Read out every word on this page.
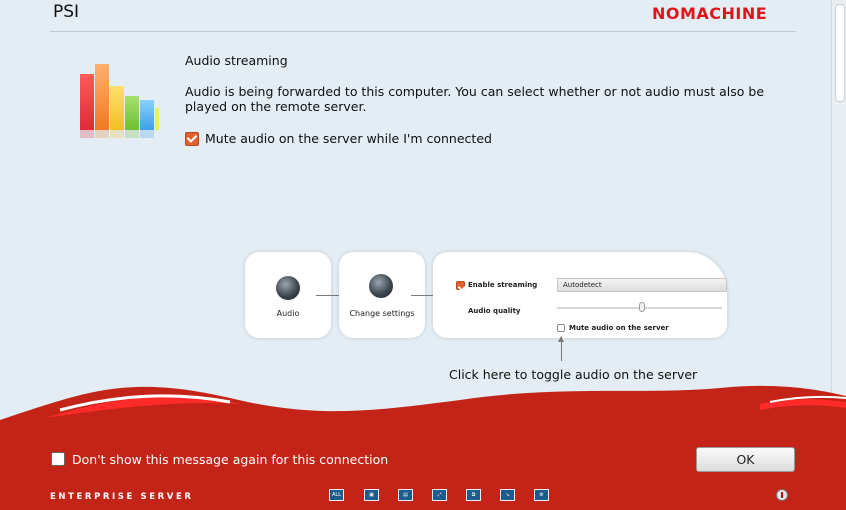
PSI	NOMACHINE
Audio streaming
Audio is being forwarded to this computer. You can select whether or not audio must also be played on the remote server.
Mute audio on the server while I'm connected
Audio	Change settings
Enable streaming
Audio quality
Autodetect
Mute audio on the server
Click here to toggle audio on the server
Don't show this message again for this connection	OK
ENTERPRISE SERVER	ALL	▣	▤	⤢	⧉	↘	⚙
